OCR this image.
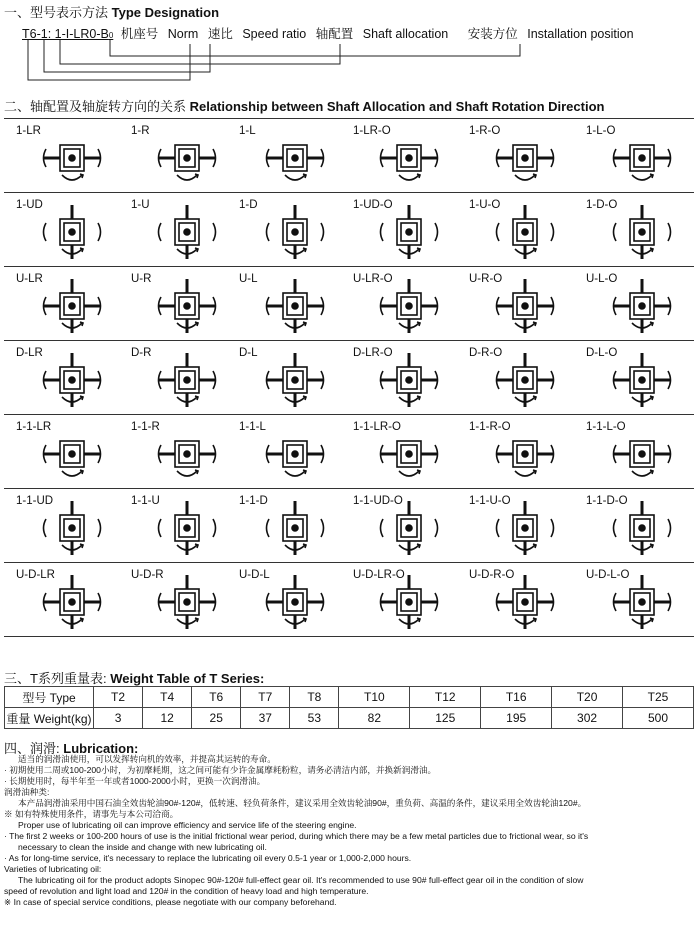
一、型号表示方法 Type Designation
T6-1: 1-I-LR0-B0 机座号 Norm 速比 Speed ratio 轴配置 Shaft allocation 安装方位 Installation position
二、轴配置及轴旋转方向的关系 Relationship between Shaft Allocation and Shaft Rotation Direction
1-LR	1-R	1-L	1-LR-O	1-R-O	1-L-O
1-UD	1-U	1-D	1-UD-O	1-U-O	1-D-O
U-LR	U-R	U-L	U-LR-O	U-R-O	U-L-O
D-LR	D-R	D-L	D-LR-O	D-R-O	D-L-O
1-1-LR	1-1-R	1-1-L	1-1-LR-O	1-1-R-O	1-1-L-O
1-1-UD	1-1-U	1-1-D	1-1-UD-O	1-1-U-O	1-1-D-O
U-D-LR	U-D-R	U-D-L	U-D-LR-O	U-D-R-O	U-D-L-O
三、T系列重量表: Weight Table of T Series:
型号 Type	T2	T4	T6	T7	T8	T10	T12	T16	T20	T25
重量 Weight(kg)	3	12	25	37	53	82	125	195	302	500
四、润滑: Lubrication:

适当的润滑油使用，可以发挥转向机的效率，并提高其运转的寿命。

· 初期使用二周或100-200小时，为初摩耗期，这之间可能有少许金属摩耗粉粒，请务必清洁内部，并换新润滑油。

· 长期使用时，每半年至一年或者1000-2000小时，更换一次润滑油。

润滑油种类:

本产品润滑油采用中国石油全效齿轮油90#-120#，低转速、轻负荷条件，建议采用全效齿轮油90#，重负荷、高温的条件，建议采用全效齿轮油120#。

※ 如有特殊使用条件，请事先与本公司洽商。

Proper use of lubricating oil can improve efficiency and service life of the steering engine.

· The first 2 weeks or 100-200 hours of use is the initial frictional wear period, during which there may be a few metal particles due to frictional wear, so it's

necessary to clean the inside and change with new lubricating oil.

· As for long-time service, it's necessary to replace the lubricating oil every 0.5-1 year or 1,000-2,000 hours.

Varieties of lubricating oil:

The lubricating oil for the product adopts Sinopec 90#-120# full-effect gear oil. It's recommended to use 90# full-effect gear oil in the condition of slow

speed of revolution and light load and 120# in the condition of heavy load and high temperature.

※ In case of special service conditions, please negotiate with our company beforehand.
